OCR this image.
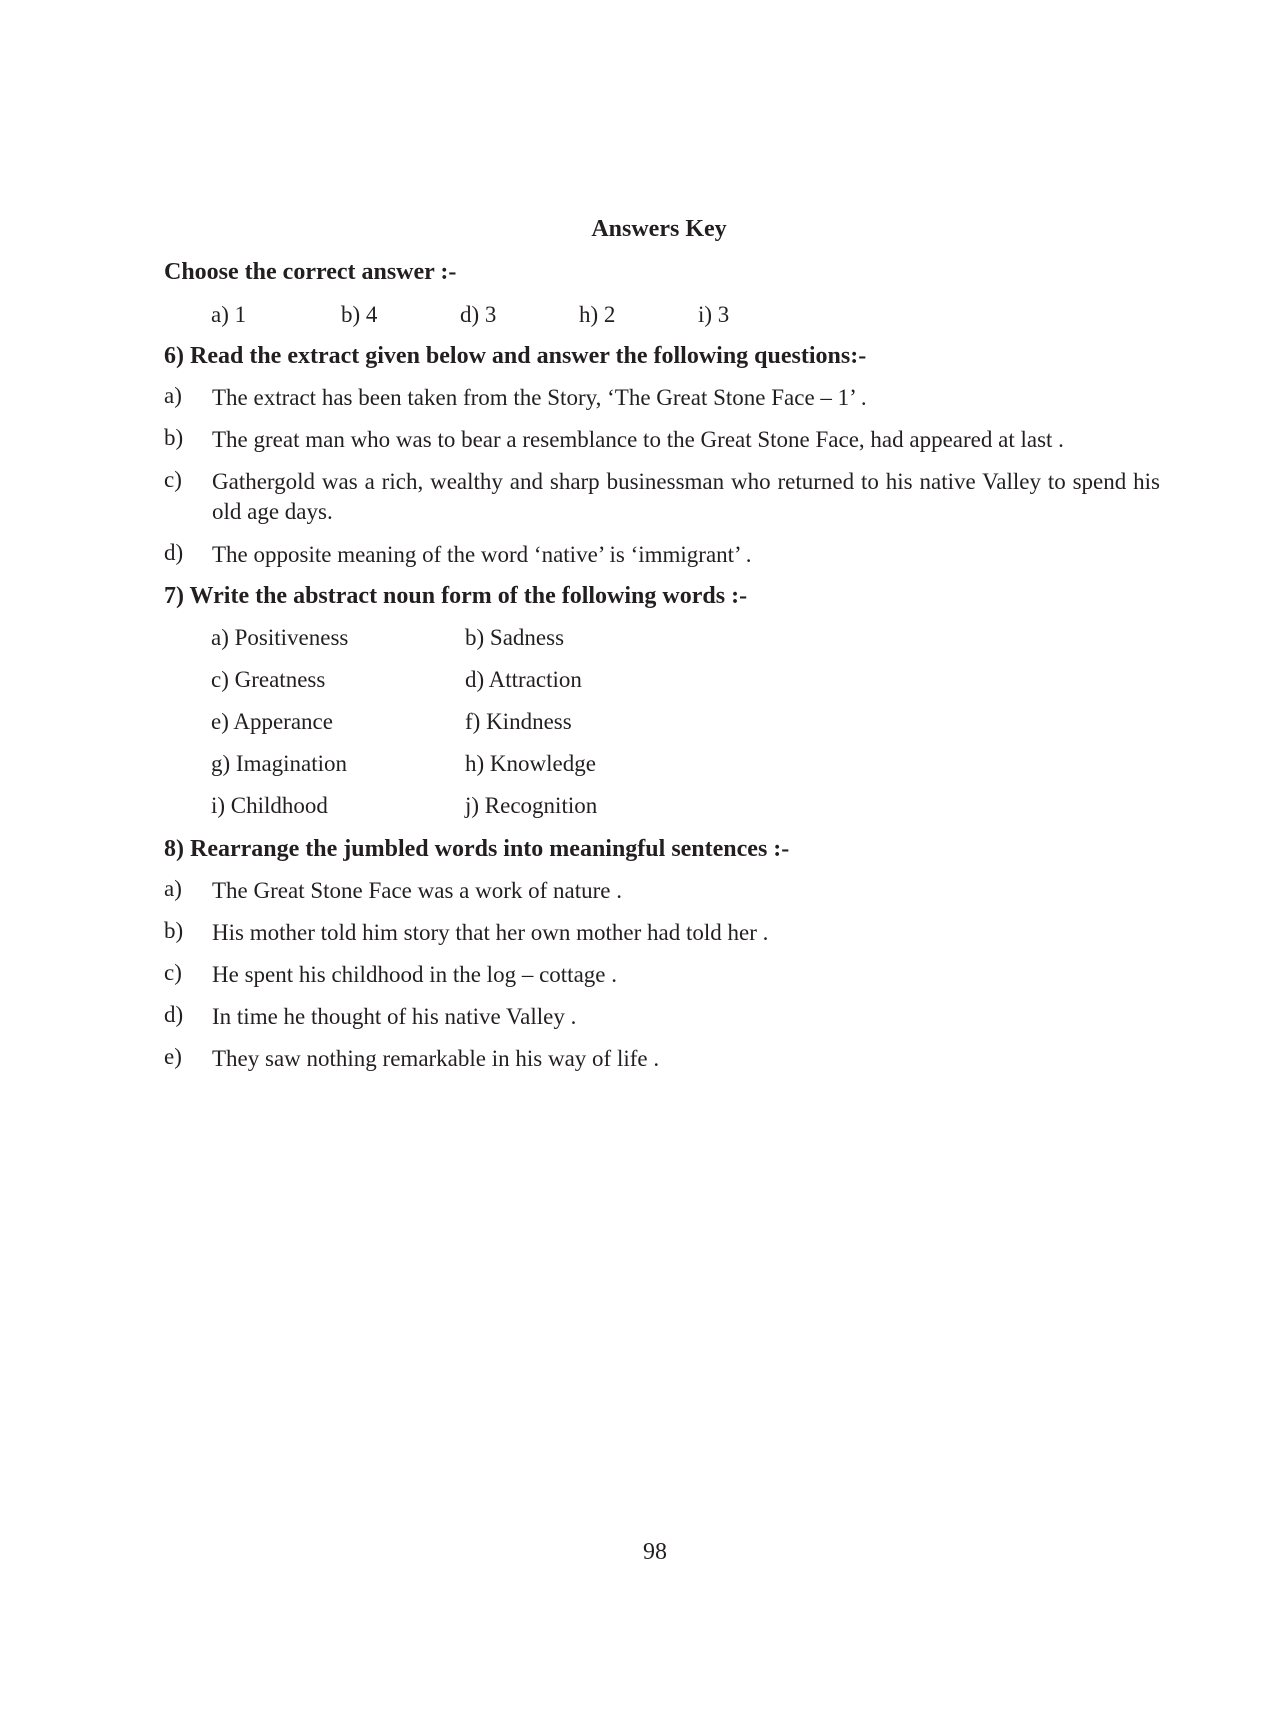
Answers Key
Choose the correct answer :-
a) 1	b) 4	d) 3	h) 2	i) 3
6) Read the extract given below and answer the following questions:-
a) The extract has been taken from the Story, ‘The Great Stone Face – 1’ .
b) The great man who was to bear a resemblance to the Great Stone Face, had appeared at last .
c) Gathergold was a rich, wealthy and sharp businessman who returned to his native Valley to spend his old age days.
d) The opposite meaning of the word ‘native’ is ‘immigrant’ .
7) Write the abstract noun form of the following words :-
a) Positiveness	b) Sadness
c) Greatness	d) Attraction
e) Apperance	f) Kindness
g) Imagination	h) Knowledge
i) Childhood	j) Recognition
8) Rearrange the jumbled words into meaningful sentences :-
a) The Great Stone Face was a work of nature .
b) His mother told him story that her own mother had told her .
c) He spent his childhood in the log – cottage .
d) In time he thought of his native Valley .
e) They saw nothing remarkable in his way of life .
98
